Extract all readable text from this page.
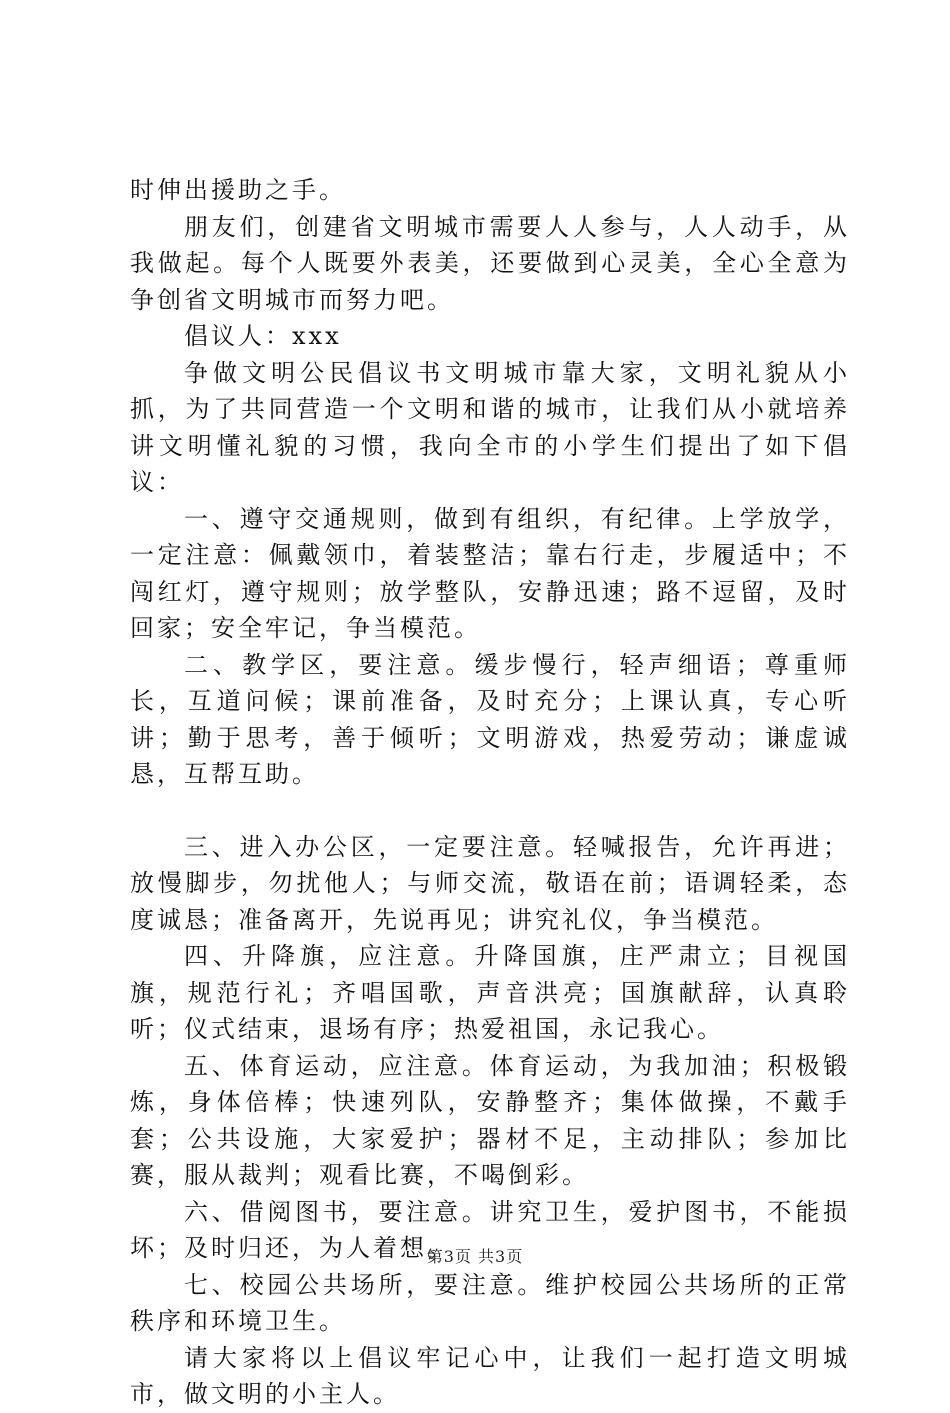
时伸出援助之手。

朋友们，创建省文明城市需要人人参与，人人动手，从我做起。每个人既要外表美，还要做到心灵美，全心全意为争创省文明城市而努力吧。

倡议人：xxx

争做文明公民倡议书文明城市靠大家，文明礼貌从小抓，为了共同营造一个文明和谐的城市，让我们从小就培养讲文明懂礼貌的习惯，我向全市的小学生们提出了如下倡议：

一、遵守交通规则，做到有组织，有纪律。上学放学，一定注意：佩戴领巾，着装整洁；靠右行走，步履适中；不闯红灯，遵守规则；放学整队，安静迅速；路不逗留，及时回家；安全牢记，争当模范。

二、教学区，要注意。缓步慢行，轻声细语；尊重师长，互道问候；课前准备，及时充分；上课认真，专心听讲；勤于思考，善于倾听；文明游戏，热爱劳动；谦虚诚恳，互帮互助。

三、进入办公区，一定要注意。轻喊报告，允许再进；放慢脚步，勿扰他人；与师交流，敬语在前；语调轻柔，态度诚恳；准备离开，先说再见；讲究礼仪，争当模范。

四、升降旗，应注意。升降国旗，庄严肃立；目视国旗，规范行礼；齐唱国歌，声音洪亮；国旗献辞，认真聆听；仪式结束，退场有序；热爱祖国，永记我心。

五、体育运动，应注意。体育运动，为我加油；积极锻炼，身体倍棒；快速列队，安静整齐；集体做操，不戴手套；公共设施，大家爱护；器材不足，主动排队；参加比赛，服从裁判；观看比赛，不喝倒彩。

六、借阅图书，要注意。讲究卫生，爱护图书，不能损坏；及时归还，为人着想。

七、校园公共场所，要注意。维护校园公共场所的正常秩序和环境卫生。

请大家将以上倡议牢记心中，让我们一起打造文明城市，做文明的小主人。

第3页 共3页
